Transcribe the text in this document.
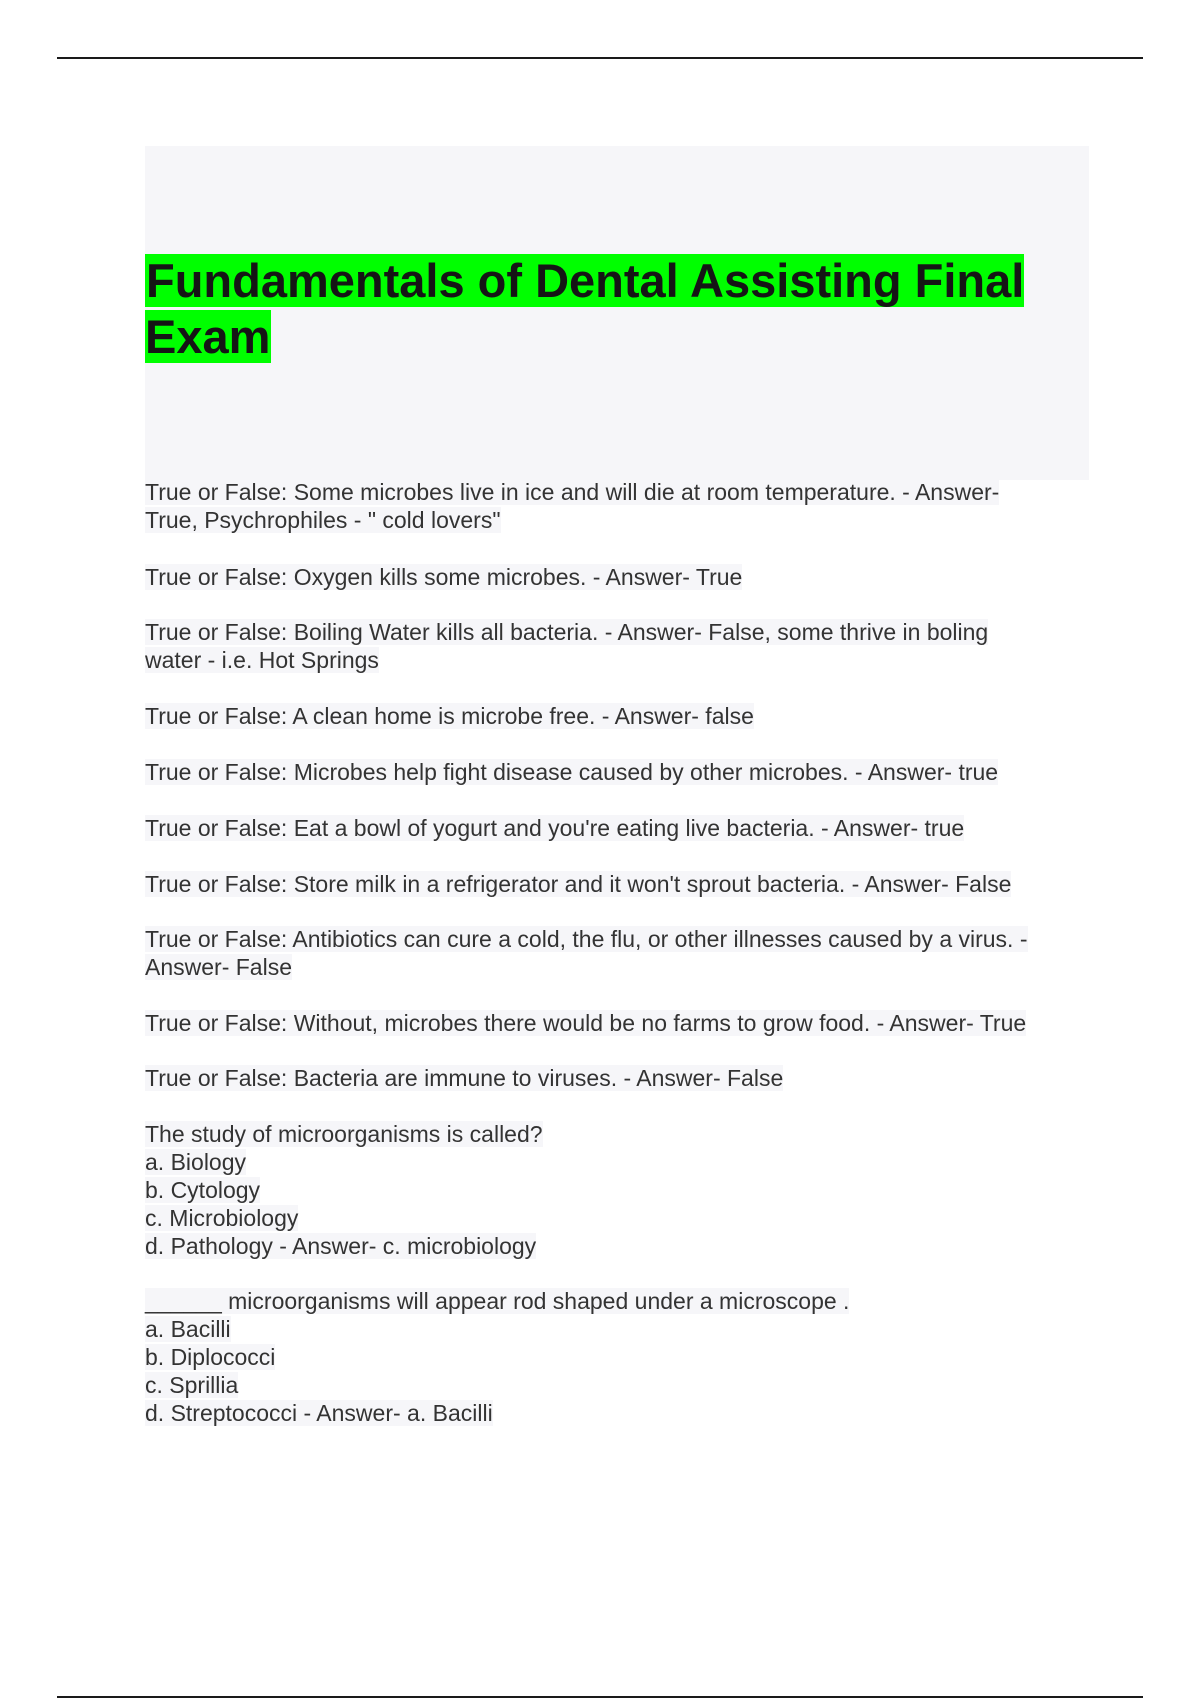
Fundamentals of Dental Assisting Final Exam
True or False: Some microbes live in ice and will die at room temperature. - Answer-
True, Psychrophiles - " cold lovers"
True or False: Oxygen kills some microbes. - Answer- True
True or False: Boiling Water kills all bacteria. - Answer- False, some thrive in boling
water - i.e. Hot Springs
True or False: A clean home is microbe free. - Answer- false
True or False: Microbes help fight disease caused by other microbes. - Answer- true
True or False: Eat a bowl of yogurt and you're eating live bacteria. - Answer- true
True or False: Store milk in a refrigerator and it won't sprout bacteria. - Answer- False
True or False: Antibiotics can cure a cold, the flu, or other illnesses caused by a virus. -
Answer- False
True or False: Without, microbes there would be no farms to grow food. - Answer- True
True or False: Bacteria are immune to viruses. - Answer- False
The study of microorganisms is called?
a. Biology
b. Cytology
c. Microbiology
d. Pathology - Answer- c. microbiology
______ microorganisms will appear rod shaped under a microscope .
a. Bacilli
b. Diplococci
c. Sprillia
d. Streptococci - Answer- a. Bacilli
